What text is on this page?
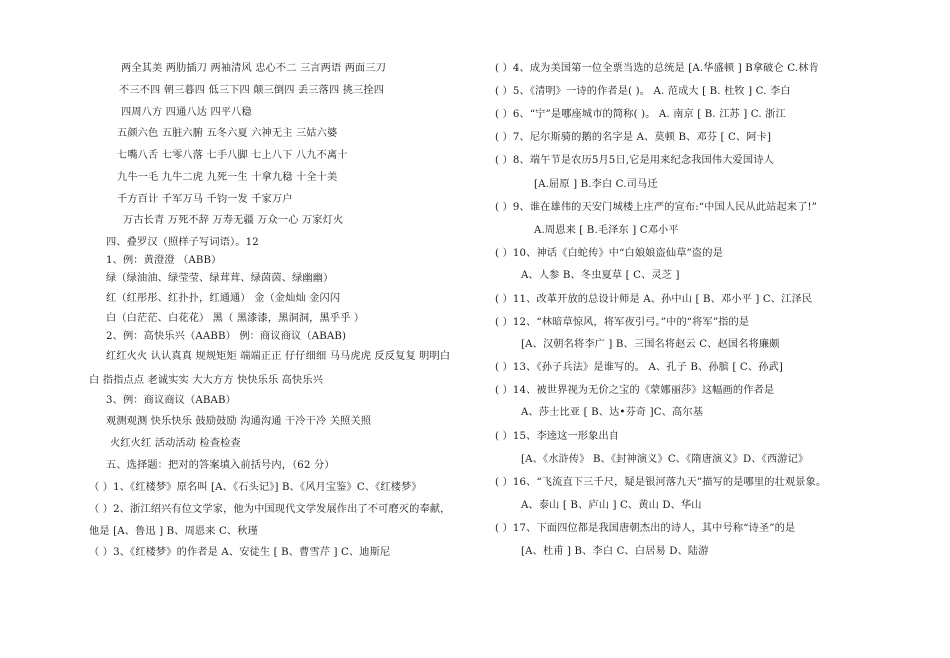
两全其美 两肋插刀 两袖清风 忠心不二 三言两语 两面三刀
不三不四 朝三暮四 低三下四 颠三倒四 丢三落四 挑三拴四
四周八方 四通八达 四平八稳
五颜六色 五脏六腑 五冬六夏 六神无主 三姑六婆
七嘴八舌 七零八落 七手八脚 七上八下 八九不离十
九牛一毛 九牛二虎 九死一生 十拿九稳 十全十美
千方百计 千军万马 千钧一发 千家万户
万古长青 万死不辞 万寿无疆 万众一心 万家灯火
四、叠罗汉（照样子写词语）。12
1、例：黄澄澄 （ABB）
绿（绿油油、绿莹莹、绿茸茸、绿茵茵、绿幽幽）
红（红彤彤、红扑扑，红通通） 金（金灿灿 金闪闪
白（白茫茫、白花花） 黑（ 黑漆漆，黑洞洞，黑乎乎 ）
2、例：高快乐兴（AABB） 例：商议商议（ABAB)
红红火火 认认真真 规规矩矩 端端正正 仔仔细细 马马虎虎 反反复复 明明白
白 指指点点 老诚实实 大大方方 快快乐乐 高快乐兴
3、例：商议商议（ABAB）
观测观测 快乐快乐 鼓励鼓励 沟通沟通 干冷干冷 关照关照
火红火红 活动活动 检查检查
五、选择题：把对的答案填入前括号内，（62 分）
（ ）1、《红楼梦》原名叫 [A、《石头记》] B、《风月宝鉴》C、《红楼梦》
（ ）2、浙江绍兴有位文学家，他为中国现代文学发展作出了不可磨灭的奉献，
他是 [A、鲁迅 ] B、周恩来 C、秋瑾
（ ）3、《红楼梦》的作者是 A、安徒生 [ B、曹雪芹 ] C、迪斯尼
( ）4、成为美国第一位全票当选的总统是 [A.华盛顿 ] B拿破仑 C.林肯
( ）5、《清明》一诗的作者是( )。 A. 范成大 [ B. 杜牧 ] C. 李白
( ）6、“宁”是哪座城市的简称( )。 A. 南京 [ B. 江苏 ] C. 浙江
( ）7、尼尔斯骑的鹅的名字是 A、莫顿 B、邓芬 [ C、阿卡]
( ）8、端午节是农历5月5日,它是用来纪念我国伟大爱国诗人
[A.屈原 ] B.李白 C.司马迁
( ）9、谁在雄伟的天安门城楼上庄严的宣布:“中国人民从此站起来了!”
A.周恩来 [ B.毛泽东 ] C邓小平
( ）10、神话《白蛇传》中“白娘娘盗仙草”盗的是
A、人参 B、冬虫夏草 [ C、灵芝 ]
( ）11、改革开放的总设计师是 A、孙中山 [ B、邓小平 ] C、江泽民
( ）12、“林暗草惊风，将军夜引弓。”中的“将军”指的是
[A、汉朝名将李广 ] B、三国名将赵云 C、赵国名将廉颇
( ）13、《孙子兵法》是谁写的。 A、孔子 B、孙膑 [ C、孙武]
( ）14、被世界视为无价之宝的《蒙娜丽莎》这幅画的作者是
A、莎士比亚 [ B、达•芬奇 ]C、高尔基
( ）15、李逵这一形象出自
[A、《水浒传》 B、《封神演义》C、《隋唐演义》D、《西游记》
( ）16、“飞流直下三千尺，疑是银河落九天”描写的是哪里的壮观景象。
A、泰山 [ B、庐山 ] C、黄山 D、华山
( ）17、下面四位都是我国唐朝杰出的诗人，其中号称“诗圣”的是
[A、杜甫 ] B、李白 C、白居易 D、陆游
